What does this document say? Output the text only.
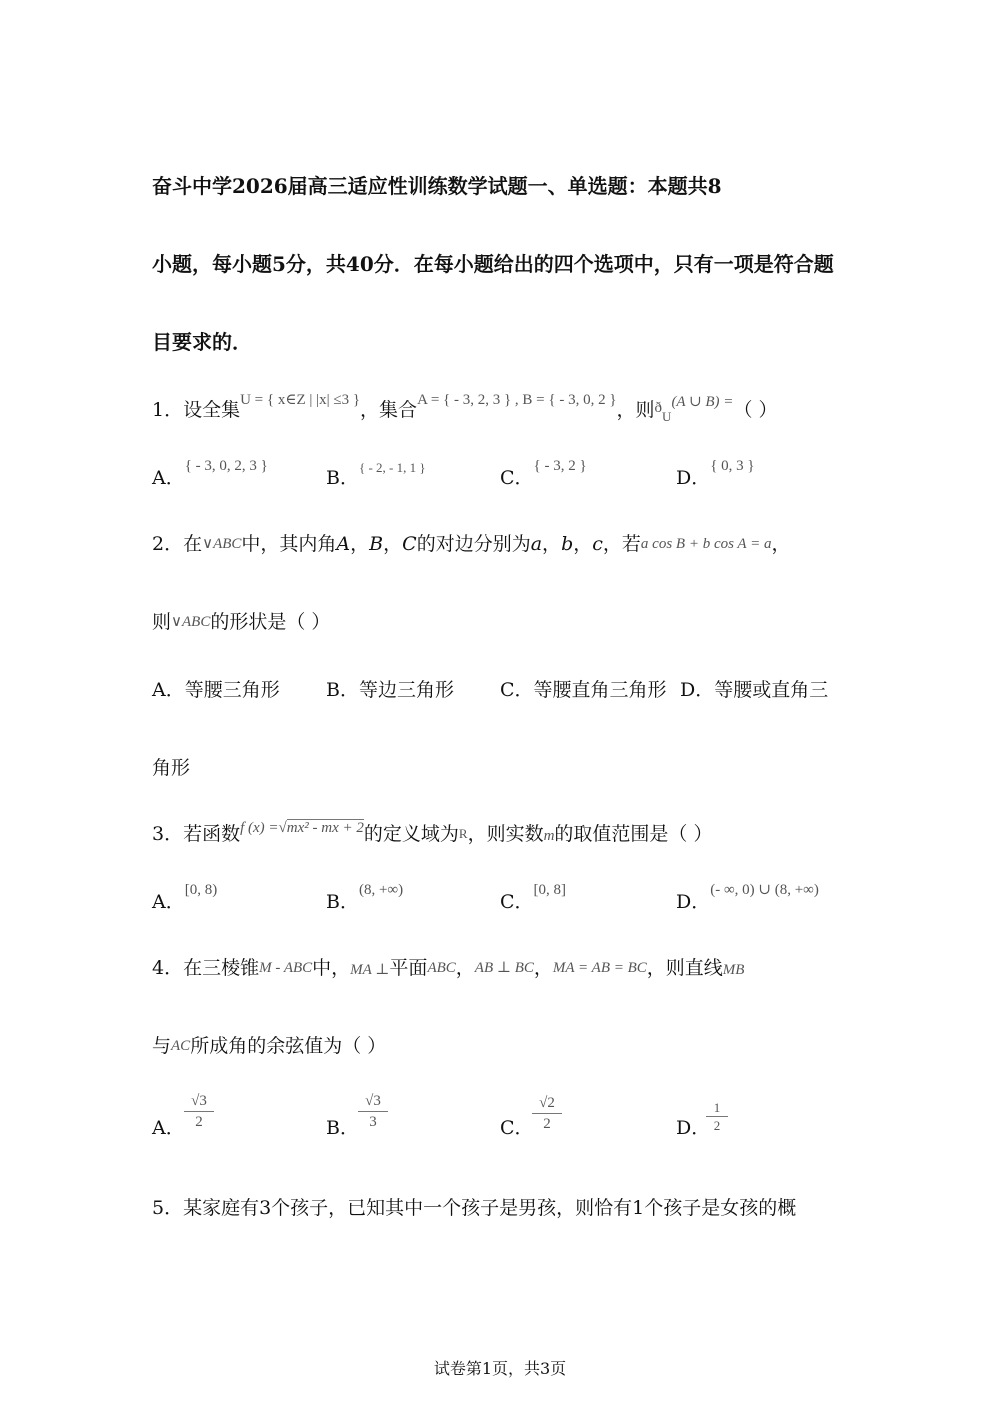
奋斗中学2026届高三适应性训练数学试题一、单选题：本题共8
小题，每小题5分，共40分．在每小题给出的四个选项中，只有一项是符合题
目要求的．
1．设全集$^{U = \{ x\in Z | |x| \le 3 \}}$，集合$^{A = \{ - 3, 2, 3 \} , B = \{ - 3, 0, 2 \}}$，则$^ð_U^{(A \cup B) =}$（ ）
A．$^{\{ - 3, 0, 2, 3 \}}$
B．$^{\{ - 2, - 1, 1 \}}$	C．$^{\{ - 3, 2 \}}$
D．$^{\{ 0, 3 \}}$
2．在∨ABC中，其内角A，B，C的对边分别为a，b，c，若a cos B + b cos A = a，
则∨ABC的形状是（ ）
A．等腰三角形 B．等边三角形 C．等腰直角三角形 D．等腰或直角三
角形
3．若函数$^{f (x) =√mx^2 - mx + 2}$的定义域为R，则实数m的取值范围是（ ）
A．$^{[0, 8)}$
B．$^{(8, +\infty)}$
C．[0, 8]
D．$^{(- \infty, 0) \cup (8, +\infty)}$
4．在三棱锥M - ABC中，MA ⊥平面ABC，AB ⊥ BC，MA = AB = BC，则直线MB
与AC所成角的余弦值为（ ）
A．
√3
2	B．
√3
3	C．
√2
2	D．
1
2
5．某家庭有3个孩子，已知其中一个孩子是男孩，则恰有1个孩子是女孩的概
试卷第1页，共3页
